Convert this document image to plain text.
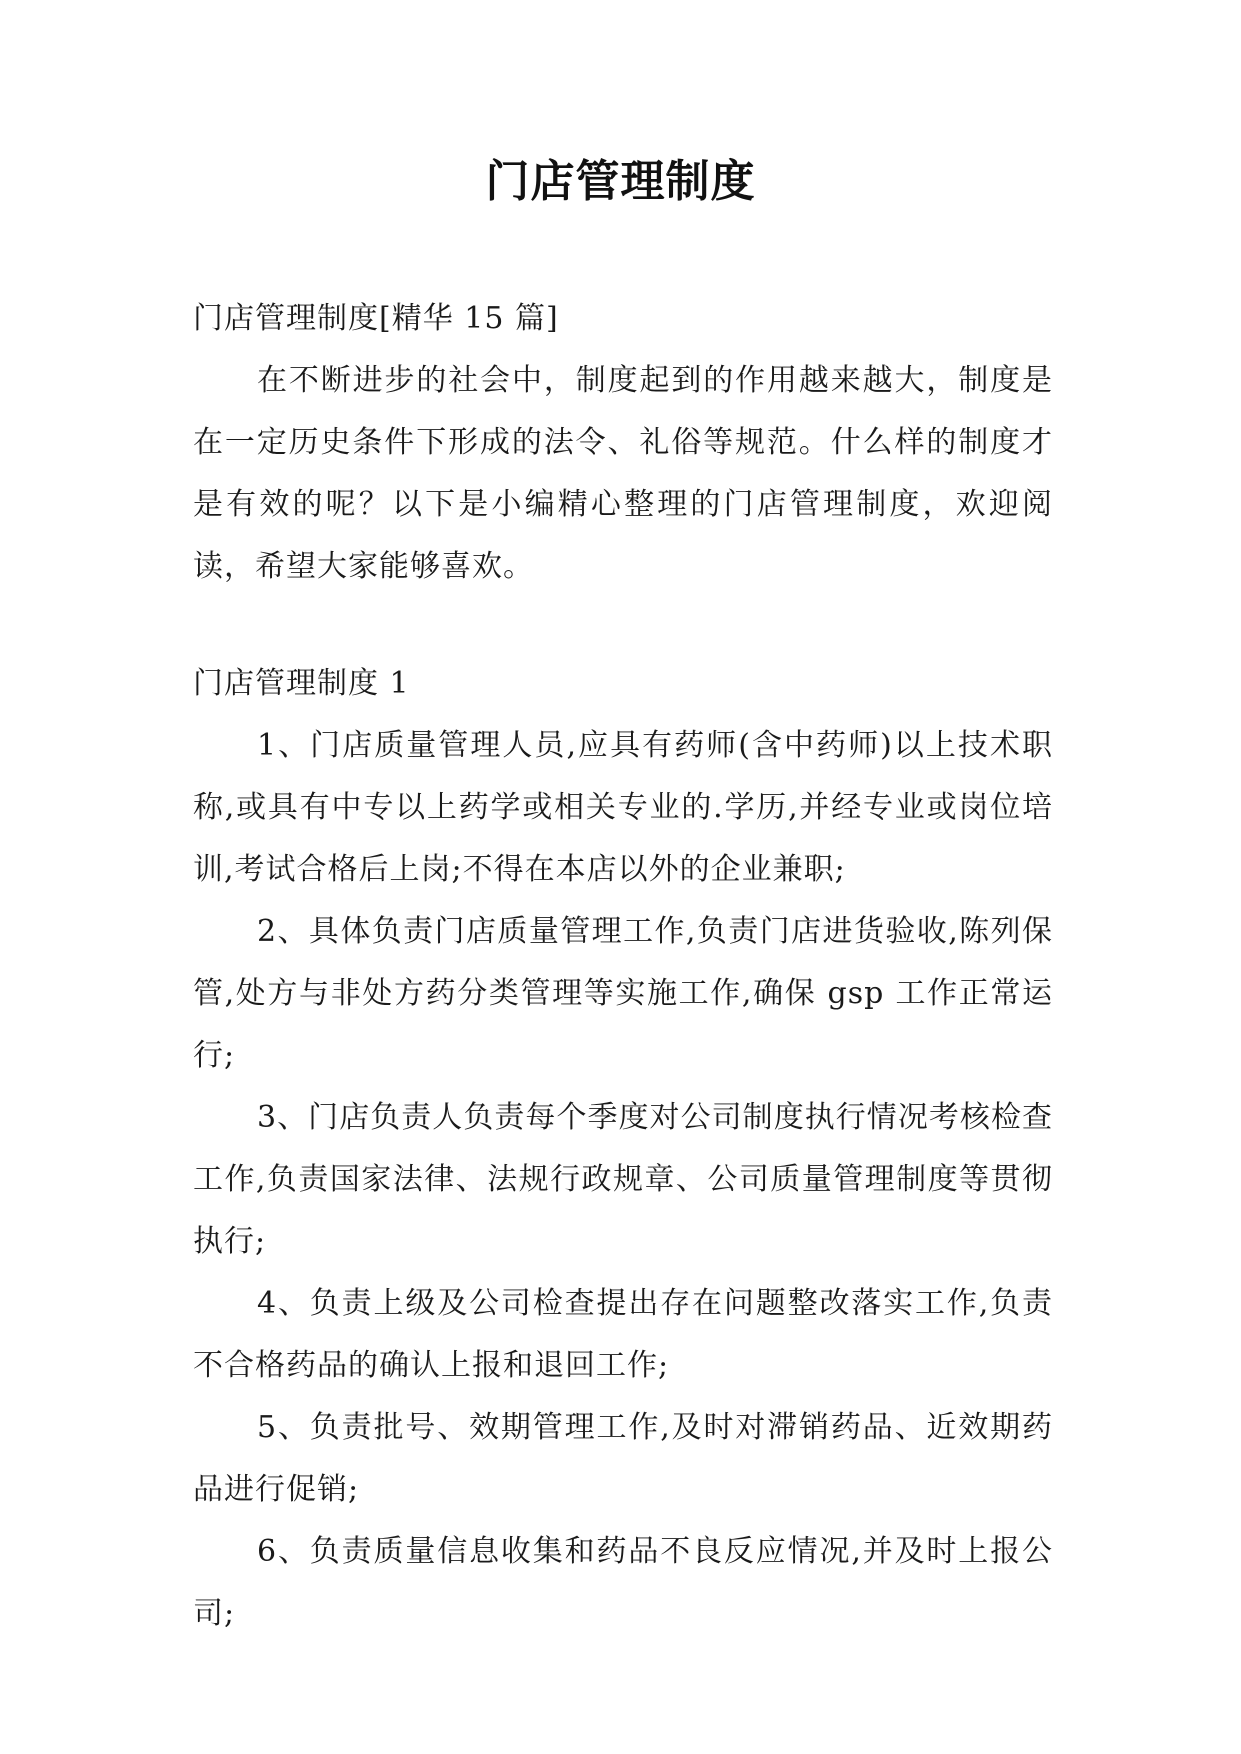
门店管理制度

门店管理制度[精华 15 篇]

在不断进步的社会中，制度起到的作用越来越大，制度是在一定历史条件下形成的法令、礼俗等规范。什么样的制度才是有效的呢？以下是小编精心整理的门店管理制度，欢迎阅读，希望大家能够喜欢。

门店管理制度 1

1、门店质量管理人员,应具有药师(含中药师)以上技术职称,或具有中专以上药学或相关专业的.学历,并经专业或岗位培训,考试合格后上岗;不得在本店以外的企业兼职;

2、具体负责门店质量管理工作,负责门店进货验收,陈列保管,处方与非处方药分类管理等实施工作,确保 gsp 工作正常运行;

3、门店负责人负责每个季度对公司制度执行情况考核检查工作,负责国家法律、法规行政规章、公司质量管理制度等贯彻执行;

4、负责上级及公司检查提出存在问题整改落实工作,负责不合格药品的确认上报和退回工作;

5、负责批号、效期管理工作,及时对滞销药品、近效期药品进行促销;

6、负责质量信息收集和药品不良反应情况,并及时上报公司;
